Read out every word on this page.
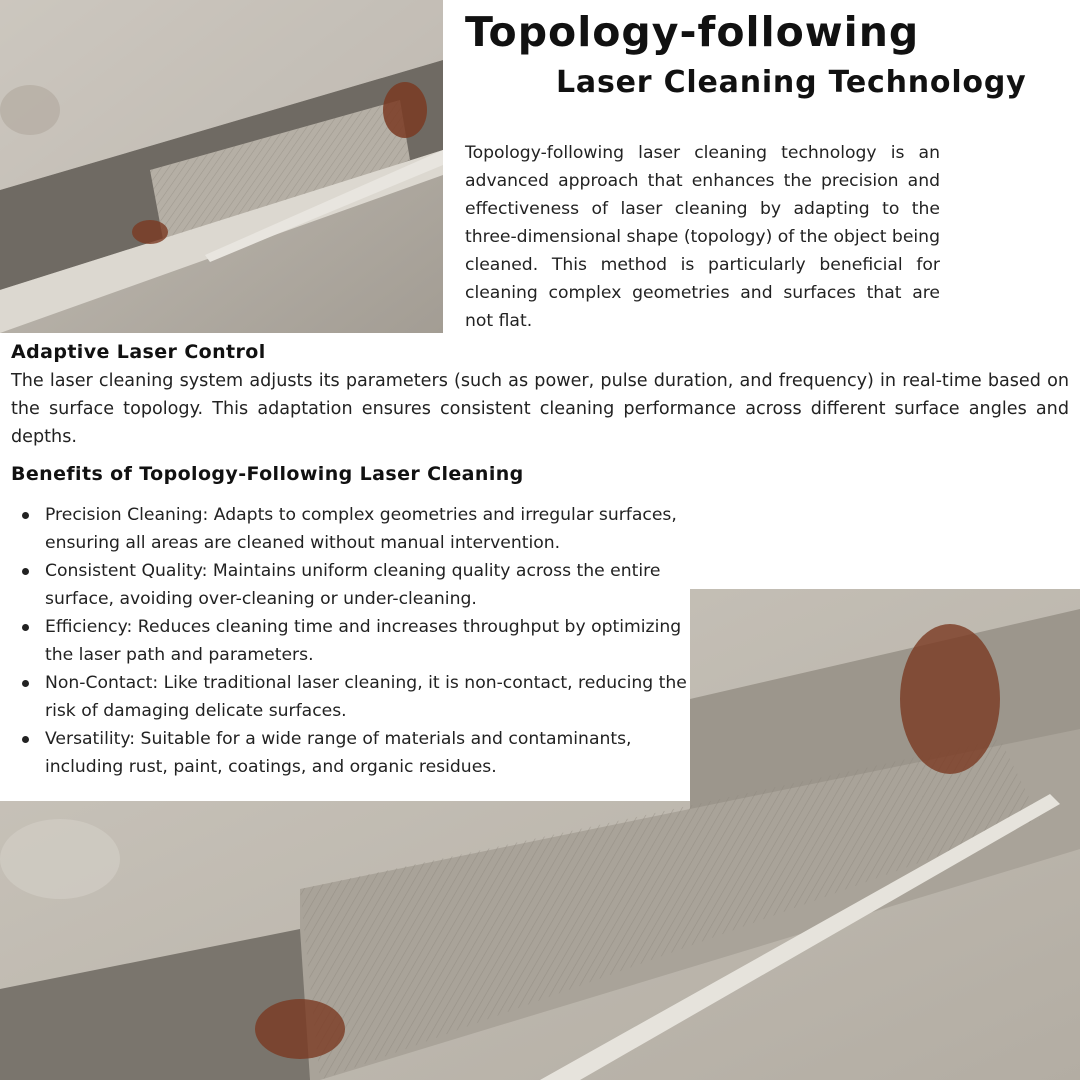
Topology-following
Laser Cleaning Technology

Topology-following laser cleaning technology is an advanced approach that enhances the precision and effectiveness of laser cleaning by adapting to the three-dimensional shape (topology) of the object being cleaned. This method is particularly beneficial for cleaning complex geometries and surfaces that are not flat.

Adaptive Laser Control

The laser cleaning system adjusts its parameters (such as power, pulse duration, and frequency) in real-time based on the surface topology. This adaptation ensures consistent cleaning performance across different surface angles and depths.

Benefits of Topology-Following Laser Cleaning
Precision Cleaning: Adapts to complex geometries and irregular surfaces, ensuring all areas are cleaned without manual intervention.
Consistent Quality: Maintains uniform cleaning quality across the entire surface, avoiding over-cleaning or under-cleaning.
Efficiency: Reduces cleaning time and increases throughput by optimizing the laser path and parameters.
Non-Contact: Like traditional laser cleaning, it is non-contact, reducing the risk of damaging delicate surfaces.
Versatility: Suitable for a wide range of materials and contaminants, including rust, paint, coatings, and organic residues.
